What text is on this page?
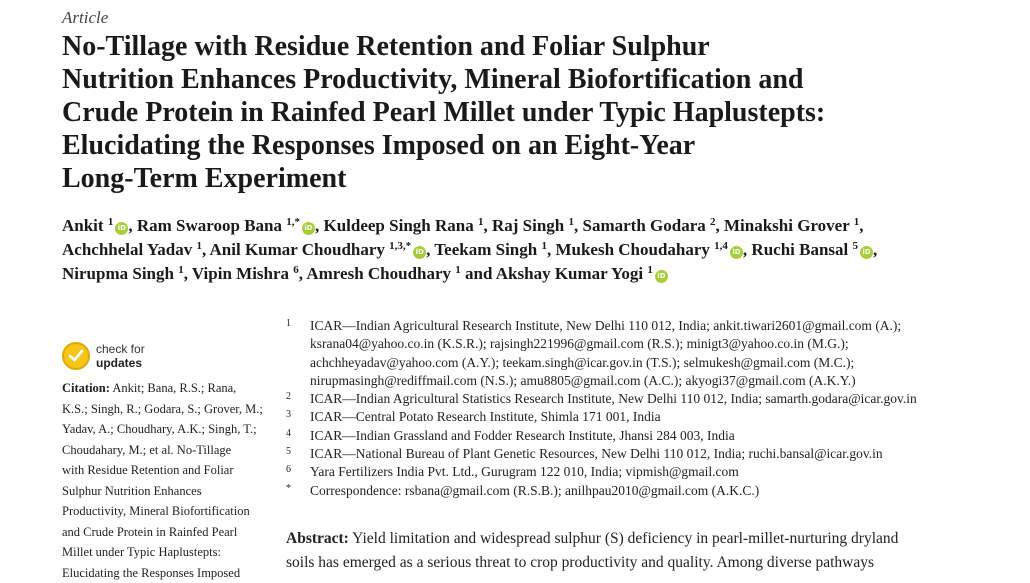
Article
No-Tillage with Residue Retention and Foliar Sulphur
Nutrition Enhances Productivity, Mineral Biofortification and
Crude Protein in Rainfed Pearl Millet under Typic Haplustepts:
Elucidating the Responses Imposed on an Eight-Year
Long-Term Experiment
Ankit $^1$ iD , Ram Swaroop Bana $^{1,*}$ iD , Kuldeep Singh Rana $^1$, Raj Singh $^1$, Samarth Godara $^2$, Minakshi Grover $^1$,
Achchhelal Yadav $^1$, Anil Kumar Choudhary $^{1,3,*}$ iD , Teekam Singh $^1$, Mukesh Choudahary $^{1,4}$ iD , Ruchi Bansal $^5$ iD ,
Nirupma Singh $^1$, Vipin Mishra $^6$, Amresh Choudhary $^1$ and Akshay Kumar Yogi $^1$ iD
check for
updates
Citation: Ankit; Bana, R.S.; Rana,
K.S.; Singh, R.; Godara, S.; Grover, M.;
Yadav, A.; Choudhary, A.K.; Singh, T.;
Choudahary, M.; et al. No-Tillage
with Residue Retention and Foliar
Sulphur Nutrition Enhances
Productivity, Mineral Biofortification
and Crude Protein in Rainfed Pearl
Millet under Typic Haplustepts:
Elucidating the Responses Imposed
1 ICAR—Indian Agricultural Research Institute, New Delhi 110 012, India; ankit.tiwari2601@gmail.com (A.);
ksrana04@yahoo.co.in (K.S.R.); rajsingh221996@gmail.com (R.S.); minigt3@yahoo.co.in (M.G.);
achchheyadav@yahoo.com (A.Y.); teekam.singh@icar.gov.in (T.S.); selmukesh@gmail.com (M.C.);
nirupmasingh@rediffmail.com (N.S.); amu8805@gmail.com (A.C.); akyogi37@gmail.com (A.K.Y.)
2 ICAR—Indian Agricultural Statistics Research Institute, New Delhi 110 012, India; samarth.godara@icar.gov.in
3 ICAR—Central Potato Research Institute, Shimla 171 001, India
4 ICAR—Indian Grassland and Fodder Research Institute, Jhansi 284 003, India
5 ICAR—National Bureau of Plant Genetic Resources, New Delhi 110 012, India; ruchi.bansal@icar.gov.in
6 Yara Fertilizers India Pvt. Ltd., Gurugram 122 010, India; vipmish@gmail.com
* Correspondence: rsbana@gmail.com (R.S.B.); anilhpau2010@gmail.com (A.K.C.)
Abstract: Yield limitation and widespread sulphur (S) deficiency in pearl-millet-nurturing dryland
soils has emerged as a serious threat to crop productivity and quality. Among diverse pathways
